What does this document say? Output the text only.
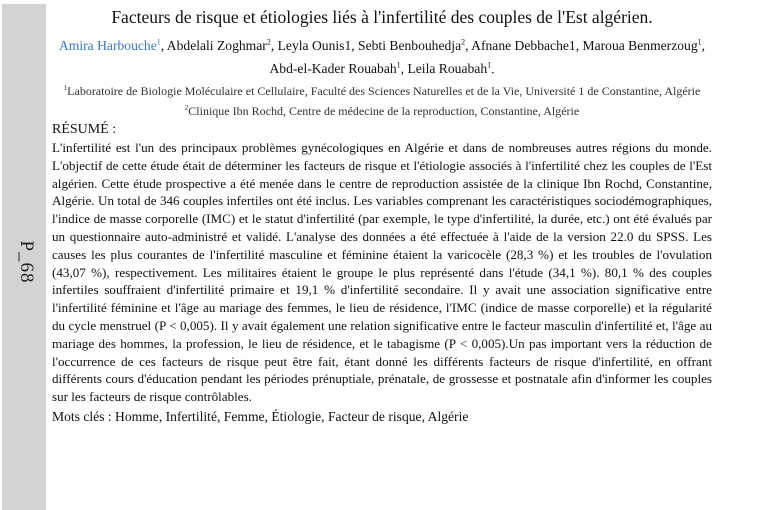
P_68
Facteurs de risque et étiologies liés à l'infertilité des couples de l'Est algérien.
Amira Harbouche$^1$, Abdelali Zoghmar$^2$, Leyla Ounis1, Sebti Benbouhedja$^2$, Afnane Debbache1, Maroua Benmerzoug$^1$, Abd-el-Kader Rouabah$^1$, Leila Rouabah$^1$.
$^1$Laboratoire de Biologie Moléculaire et Cellulaire, Faculté des Sciences Naturelles et de la Vie, Université 1 de Constantine, Algérie
$^2$Clinique Ibn Rochd, Centre de médecine de la reproduction, Constantine, Algérie
RÉSUMÉ :

L'infertilité est l'un des principaux problèmes gynécologiques en Algérie et dans de nombreuses autres régions du monde. L'objectif de cette étude était de déterminer les facteurs de risque et l'étiologie associés à l'infertilité chez les couples de l'Est algérien. Cette étude prospective a été menée dans le centre de reproduction assistée de la clinique Ibn Rochd, Constantine, Algérie. Un total de 346 couples infertiles ont été inclus. Les variables comprenant les caractéristiques sociodémographiques, l'indice de masse corporelle (IMC) et le statut d'infertilité (par exemple, le type d'infertilité, la durée, etc.) ont été évalués par un questionnaire auto-administré et validé. L'analyse des données a été effectuée à l'aide de la version 22.0 du SPSS. Les causes les plus courantes de l'infertilité masculine et féminine étaient la varicocèle (28,3 %) et les troubles de l'ovulation (43,07 %), respectivement. Les militaires étaient le groupe le plus représenté dans l'étude (34,1 %). 80,1 % des couples infertiles souffraient d'infertilité primaire et 19,1 % d'infertilité secondaire. Il y avait une association significative entre l'infertilité féminine et l'âge au mariage des femmes, le lieu de résidence, l'IMC (indice de masse corporelle) et la régularité du cycle menstruel (P < 0,005). Il y avait également une relation significative entre le facteur masculin d'infertilité et, l'âge au mariage des hommes, la profession, le lieu de résidence, et le tabagisme (P < 0,005).Un pas important vers la réduction de l'occurrence de ces facteurs de risque peut être fait, étant donné les différents facteurs de risque d'infertilité, en offrant différents cours d'éducation pendant les périodes prénuptiale, prénatale, de grossesse et postnatale afin d'informer les couples sur les facteurs de risque contrôlables.

Mots clés : Homme, Infertilité, Femme, Étiologie, Facteur de risque, Algérie
